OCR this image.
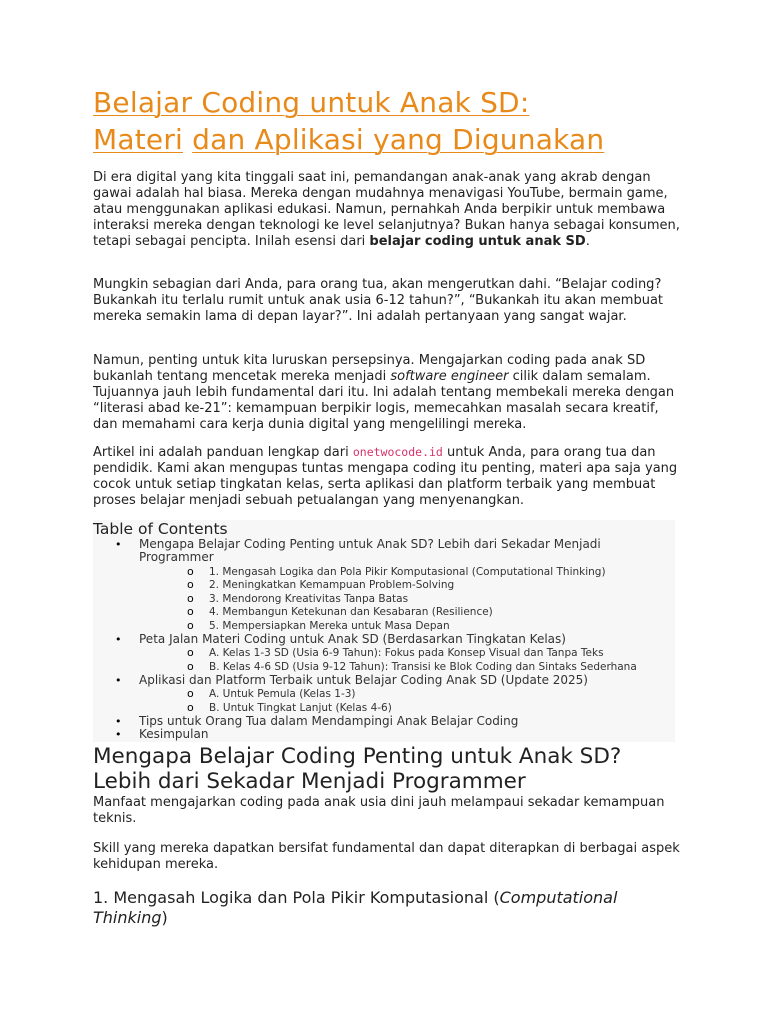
Belajar Coding untuk Anak SD:
Materi dan Aplikasi yang Digunakan

Di era digital yang kita tinggali saat ini, pemandangan anak-anak yang akrab dengan gawai adalah hal biasa. Mereka dengan mudahnya menavigasi YouTube, bermain game, atau menggunakan aplikasi edukasi. Namun, pernahkah Anda berpikir untuk membawa interaksi mereka dengan teknologi ke level selanjutnya? Bukan hanya sebagai konsumen, tetapi sebagai pencipta. Inilah esensi dari belajar coding untuk anak SD.

Mungkin sebagian dari Anda, para orang tua, akan mengerutkan dahi. “Belajar coding? Bukankah itu terlalu rumit untuk anak usia 6-12 tahun?”, “Bukankah itu akan membuat mereka semakin lama di depan layar?”. Ini adalah pertanyaan yang sangat wajar.

Namun, penting untuk kita luruskan persepsinya. Mengajarkan coding pada anak SD bukanlah tentang mencetak mereka menjadi software engineer cilik dalam semalam. Tujuannya jauh lebih fundamental dari itu. Ini adalah tentang membekali mereka dengan “literasi abad ke-21”: kemampuan berpikir logis, memecahkan masalah secara kreatif, dan memahami cara kerja dunia digital yang mengelilingi mereka.

Artikel ini adalah panduan lengkap dari onetwocode.id untuk Anda, para orang tua dan pendidik. Kami akan mengupas tuntas mengapa coding itu penting, materi apa saja yang cocok untuk setiap tingkatan kelas, serta aplikasi dan platform terbaik yang membuat proses belajar menjadi sebuah petualangan yang menyenangkan.

Table of Contents

• Mengapa Belajar Coding Penting untuk Anak SD? Lebih dari Sekadar Menjadi

Programmer

o 1. Mengasah Logika dan Pola Pikir Komputasional (Computational Thinking)

o 2. Meningkatkan Kemampuan Problem-Solving

o 3. Mendorong Kreativitas Tanpa Batas

o 4. Membangun Ketekunan dan Kesabaran (Resilience)

o 5. Mempersiapkan Mereka untuk Masa Depan

• Peta Jalan Materi Coding untuk Anak SD (Berdasarkan Tingkatan Kelas)

o A. Kelas 1-3 SD (Usia 6-9 Tahun): Fokus pada Konsep Visual dan Tanpa Teks

o B. Kelas 4-6 SD (Usia 9-12 Tahun): Transisi ke Blok Coding dan Sintaks Sederhana

• Aplikasi dan Platform Terbaik untuk Belajar Coding Anak SD (Update 2025)

o A. Untuk Pemula (Kelas 1-3)

o B. Untuk Tingkat Lanjut (Kelas 4-6)

• Tips untuk Orang Tua dalam Mendampingi Anak Belajar Coding

• Kesimpulan

Mengapa Belajar Coding Penting untuk Anak SD?
Lebih dari Sekadar Menjadi Programmer

Manfaat mengajarkan coding pada anak usia dini jauh melampaui sekadar kemampuan teknis.

Skill yang mereka dapatkan bersifat fundamental dan dapat diterapkan di berbagai aspek kehidupan mereka.

1. Mengasah Logika dan Pola Pikir Komputasional (Computational Thinking)
